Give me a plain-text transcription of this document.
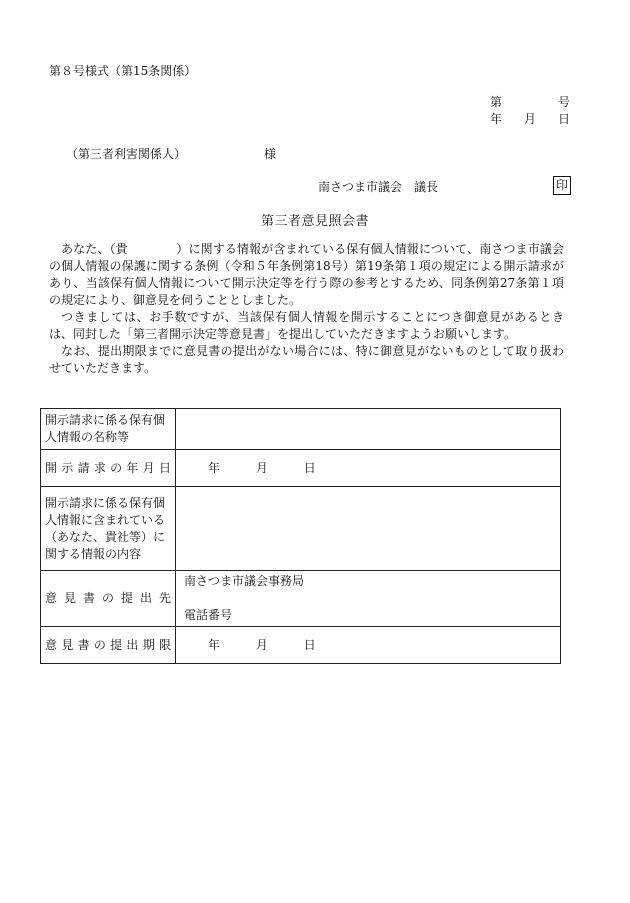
第８号様式（第15条関係）
第	号
年 月 日
（第三者利害関係人）	様
南さつま市議会　議長	印
第三者意見照会書

あなた、（貴　　　　）に関する情報が含まれている保有個人情報について、南さつま市議会の個人情報の保護に関する条例（令和５年条例第18号）第19条第１項の規定による開示請求があり、当該保有個人情報について開示決定等を行う際の参考とするため、同条例第27条第１項の規定により、御意見を伺うこととしました。

つきましては、お手数ですが、当該保有個人情報を開示することにつき御意見があるときは、同封した「第三者開示決定等意見書」を提出していただきますようお願いします。

なお、提出期限までに意見書の提出がない場合には、特に御意見がないものとして取り扱わせていただきます。

開示請求に係る保有個人情報の名称等	
開示請求の年月日	年 月 日
開示請求に係る保有個人情報に含まれている（あなた、貴社等）に関する情報の内容	
意見書の提出先	南さつま市議会事務局
電話番号

意見書の提出期限	年 月 日
